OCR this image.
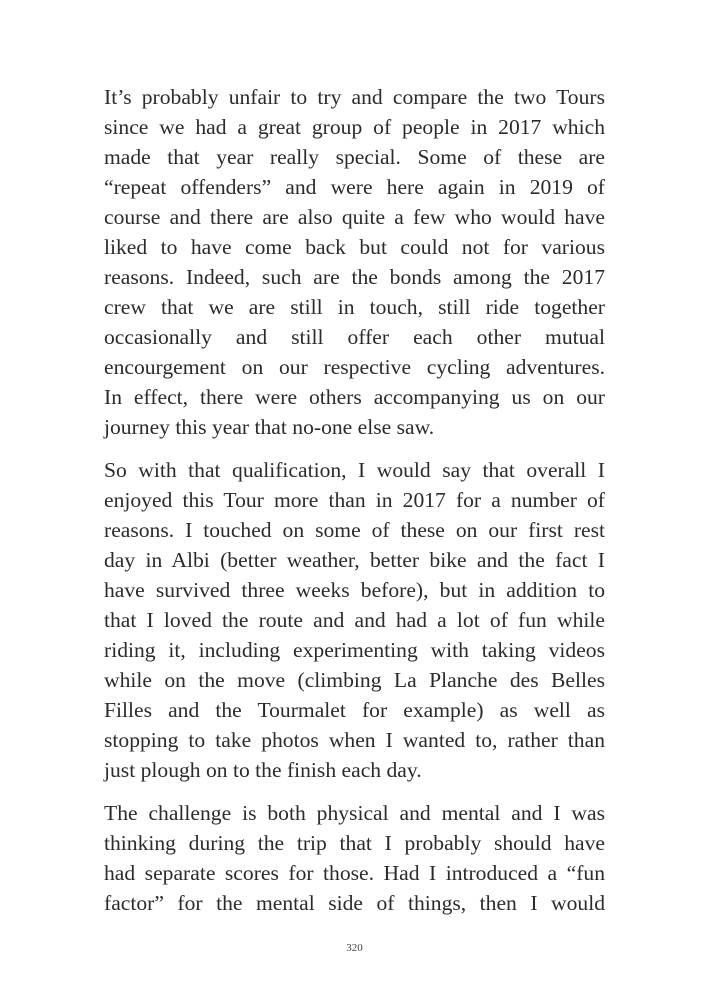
It’s probably unfair to try and compare the two Tours
since we had a great group of people in 2017 which
made that year really special. Some of these are
“repeat offenders” and were here again in 2019 of
course and there are also quite a few who would have
liked to have come back but could not for various
reasons. Indeed, such are the bonds among the 2017
crew that we are still in touch, still ride together
occasionally and still offer each other mutual
encourgement on our respective cycling adventures.
In effect, there were others accompanying us on our
journey this year that no-one else saw.
So with that qualification, I would say that overall I
enjoyed this Tour more than in 2017 for a number of
reasons. I touched on some of these on our first rest
day in Albi (better weather, better bike and the fact I
have survived three weeks before), but in addition to
that I loved the route and and had a lot of fun while
riding it, including experimenting with taking videos
while on the move (climbing La Planche des Belles
Filles and the Tourmalet for example) as well as
stopping to take photos when I wanted to, rather than
just plough on to the finish each day.
The challenge is both physical and mental and I was
thinking during the trip that I probably should have
had separate scores for those. Had I introduced a “fun
factor” for the mental side of things, then I would
320
